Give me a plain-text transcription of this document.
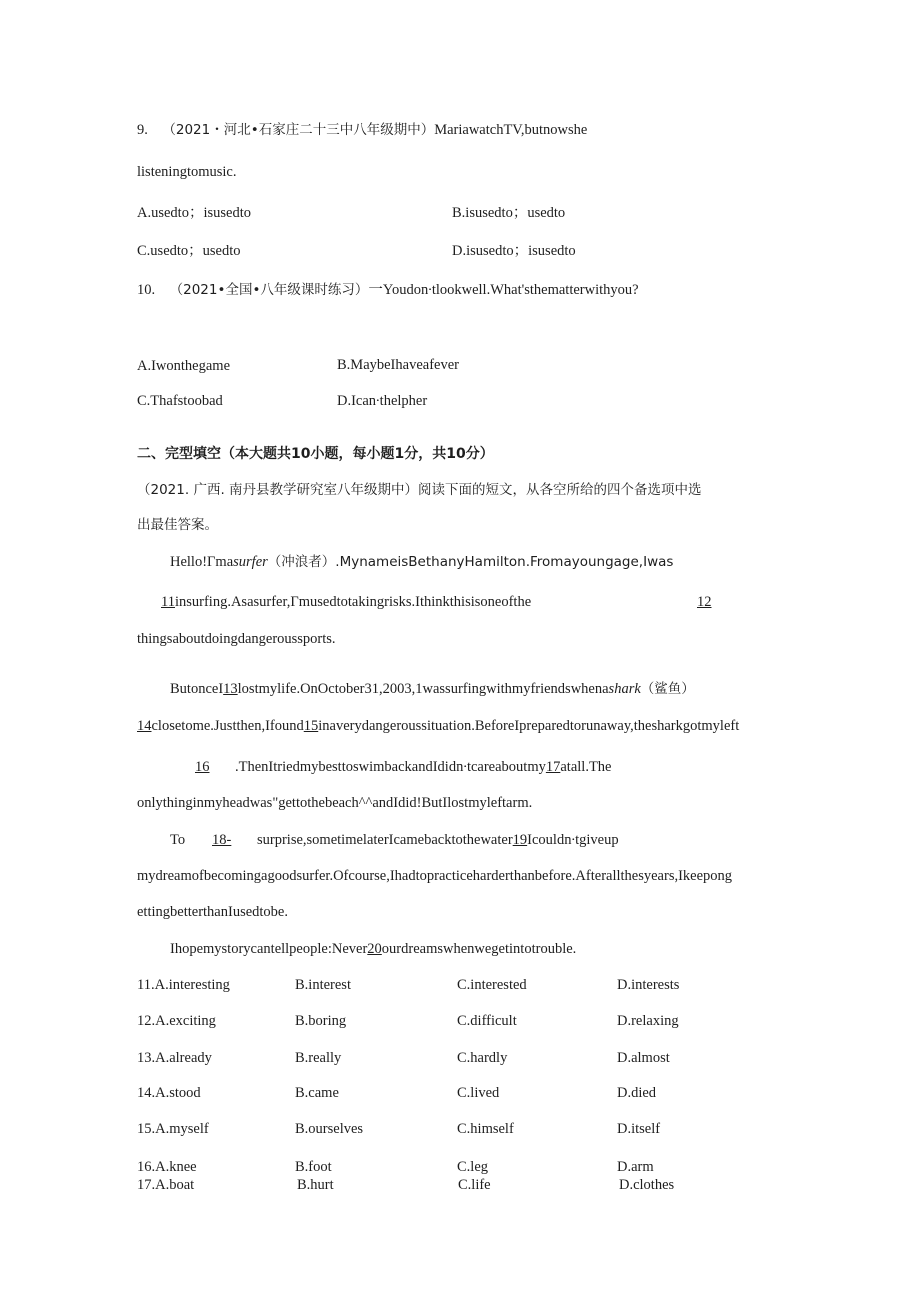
9. （2021・河北•石家庄二十三中八年级期中）MariawatchTV,butnowshe
listeningtomusic.
A.usedto；isusedto	B.isusedto；usedto
C.usedto；usedto	D.isusedto；isusedto
10. （2021•全国•八年级课时练习）一Youdon∙tlookwell.What'sthematterwithyou?
A.Iwonthegame	B.MaybeIhaveafever
C.Thafstoobad	D.Ican∙thelpher
二、完型填空（本大题共10小题，每小题1分，共10分）
（2021. 广西. 南丹县教学研究室八年级期中）阅读下面的短文，从各空所给的四个备选项中选
出最佳答案。
Hello!Γmasurfer（冲浪者）.MynameisBethanyHamilton.Fromayoungage,Iwas
11insurfing.Asasurfer,Γmusedtotakingrisks.Ithinkthisisoneofthe	12
thingsaboutdoingdangeroussports.
ButonceI13lostmylife.OnOctober31,2003,1wassurfingwithmyfriendswhenashark（鲨鱼）
14closetome.Justthen,Ifound15inaverydangeroussituation.BeforeIpreparedtorunaway,thesharkgotmyleft
16 .ThenItriedmybesttoswimbackandIdidn∙tcareaboutmy17atall.The
onlythinginmyheadwas"gettothebeach^^andIdid!ButIlostmyleftarm.
To 18- surprise,sometimelaterIcamebacktothewater19Icouldn∙tgiveup
mydreamofbecomingagoodsurfer.Ofcourse,Ihadtopracticeharderthanbefore.Afterallthesyears,Ikeepong
ettingbetterthanIusedtobe.
Ihopemystorycantellpeople:Never20ourdreamswhenwegetintotrouble.
11.A.interesting	B.interest	C.interested	D.interests
12.A.exciting	B.boring	C.difficult	D.relaxing
13.A.already	B.really	C.hardly	D.almost
14.A.stood	B.came	C.lived	D.died
15.A.myself	B.ourselves	C.himself	D.itself
16.A.knee	B.foot	C.leg	D.arm
17.A.boat	B.hurt	C.life	D.clothes
